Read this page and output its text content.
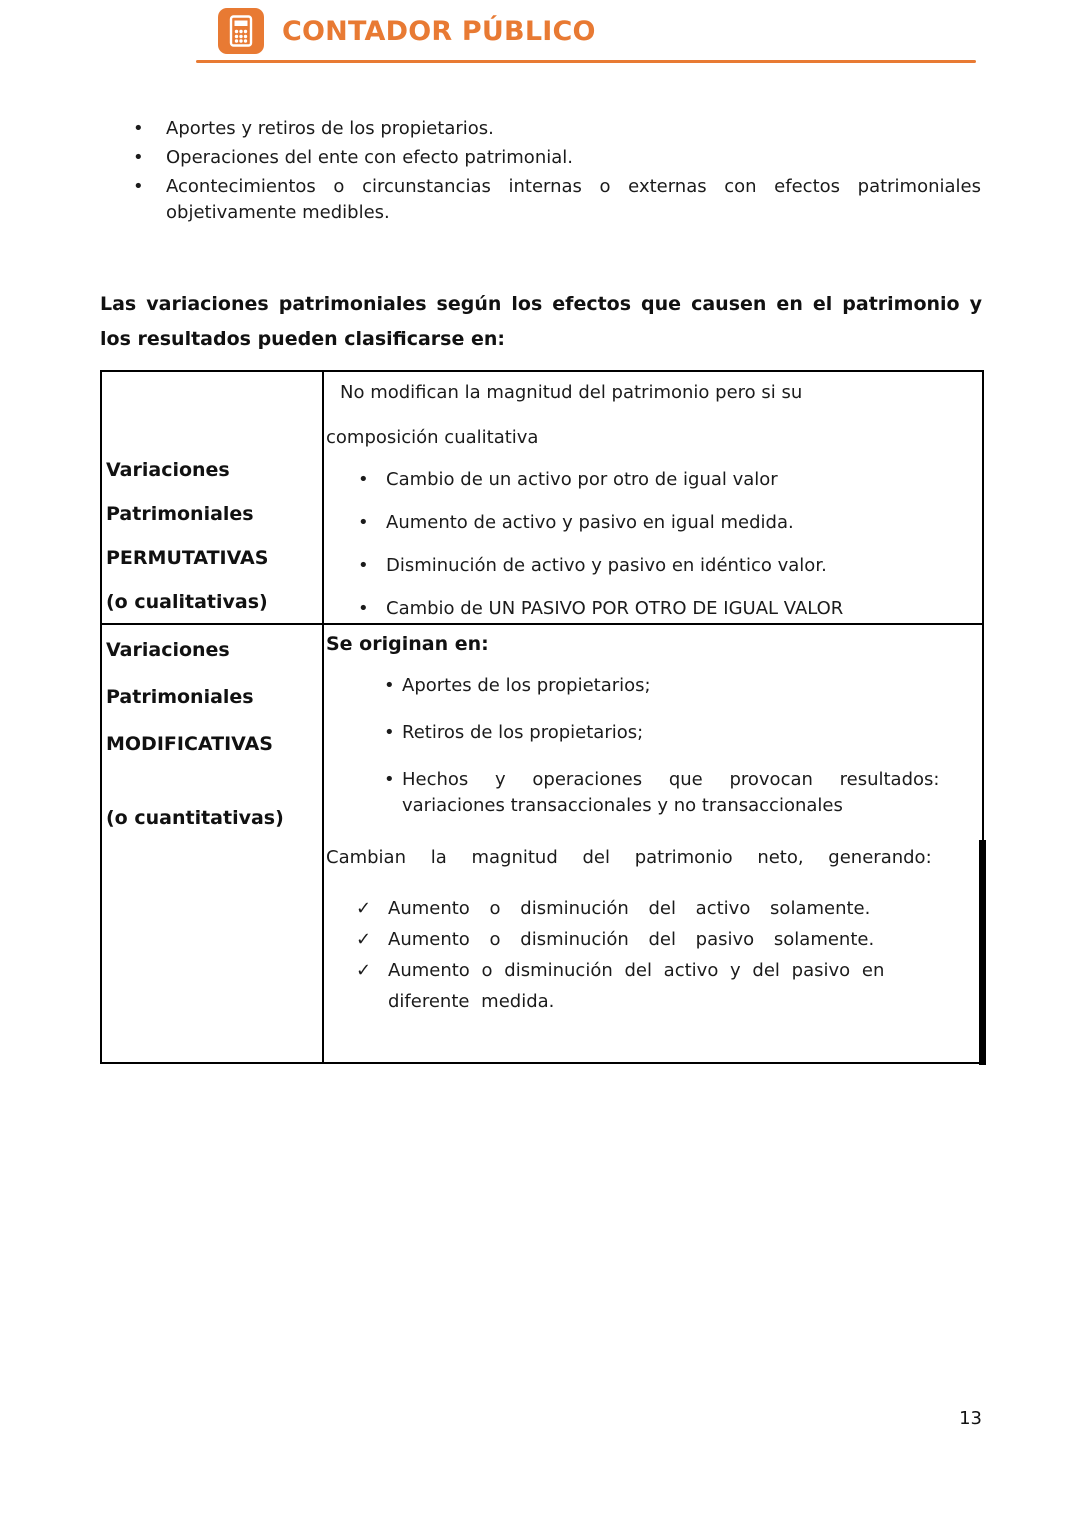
CONTADOR PÚBLICO
• Aportes y retiros de los propietarios.
• Operaciones del ente con efecto patrimonial.
• Acontecimientos o circunstancias internas o externas con efectos patrimoniales objetivamente medibles.

Las variaciones patrimoniales según los efectos que causen en el patrimonio y los resultados pueden clasificarse en:

Variaciones
Patrimoniales
PERMUTATIVAS
(o cualitativas)
No modifican la magnitud del patrimonio pero si su
composición cualitativa
• Cambio de un activo por otro de igual valor
• Aumento de activo y pasivo en igual medida.
• Disminución de activo y pasivo en idéntico valor.
• Cambio de UN PASIVO POR OTRO DE IGUAL VALOR
Variaciones
Patrimoniales
MODIFICATIVAS
(o cuantitativas)

Se originan en:

• Aportes de los propietarios;
• Retiros de los propietarios;
• Hechos y operaciones que provocan resultados:
variaciones transaccionales y no transaccionales

Cambian la magnitud del patrimonio neto, generando:

✓ Aumento o disminución del activo solamente.
✓ Aumento o disminución del pasivo solamente.
✓ Aumento o disminución del activo y del pasivo en diferente medida.
13
